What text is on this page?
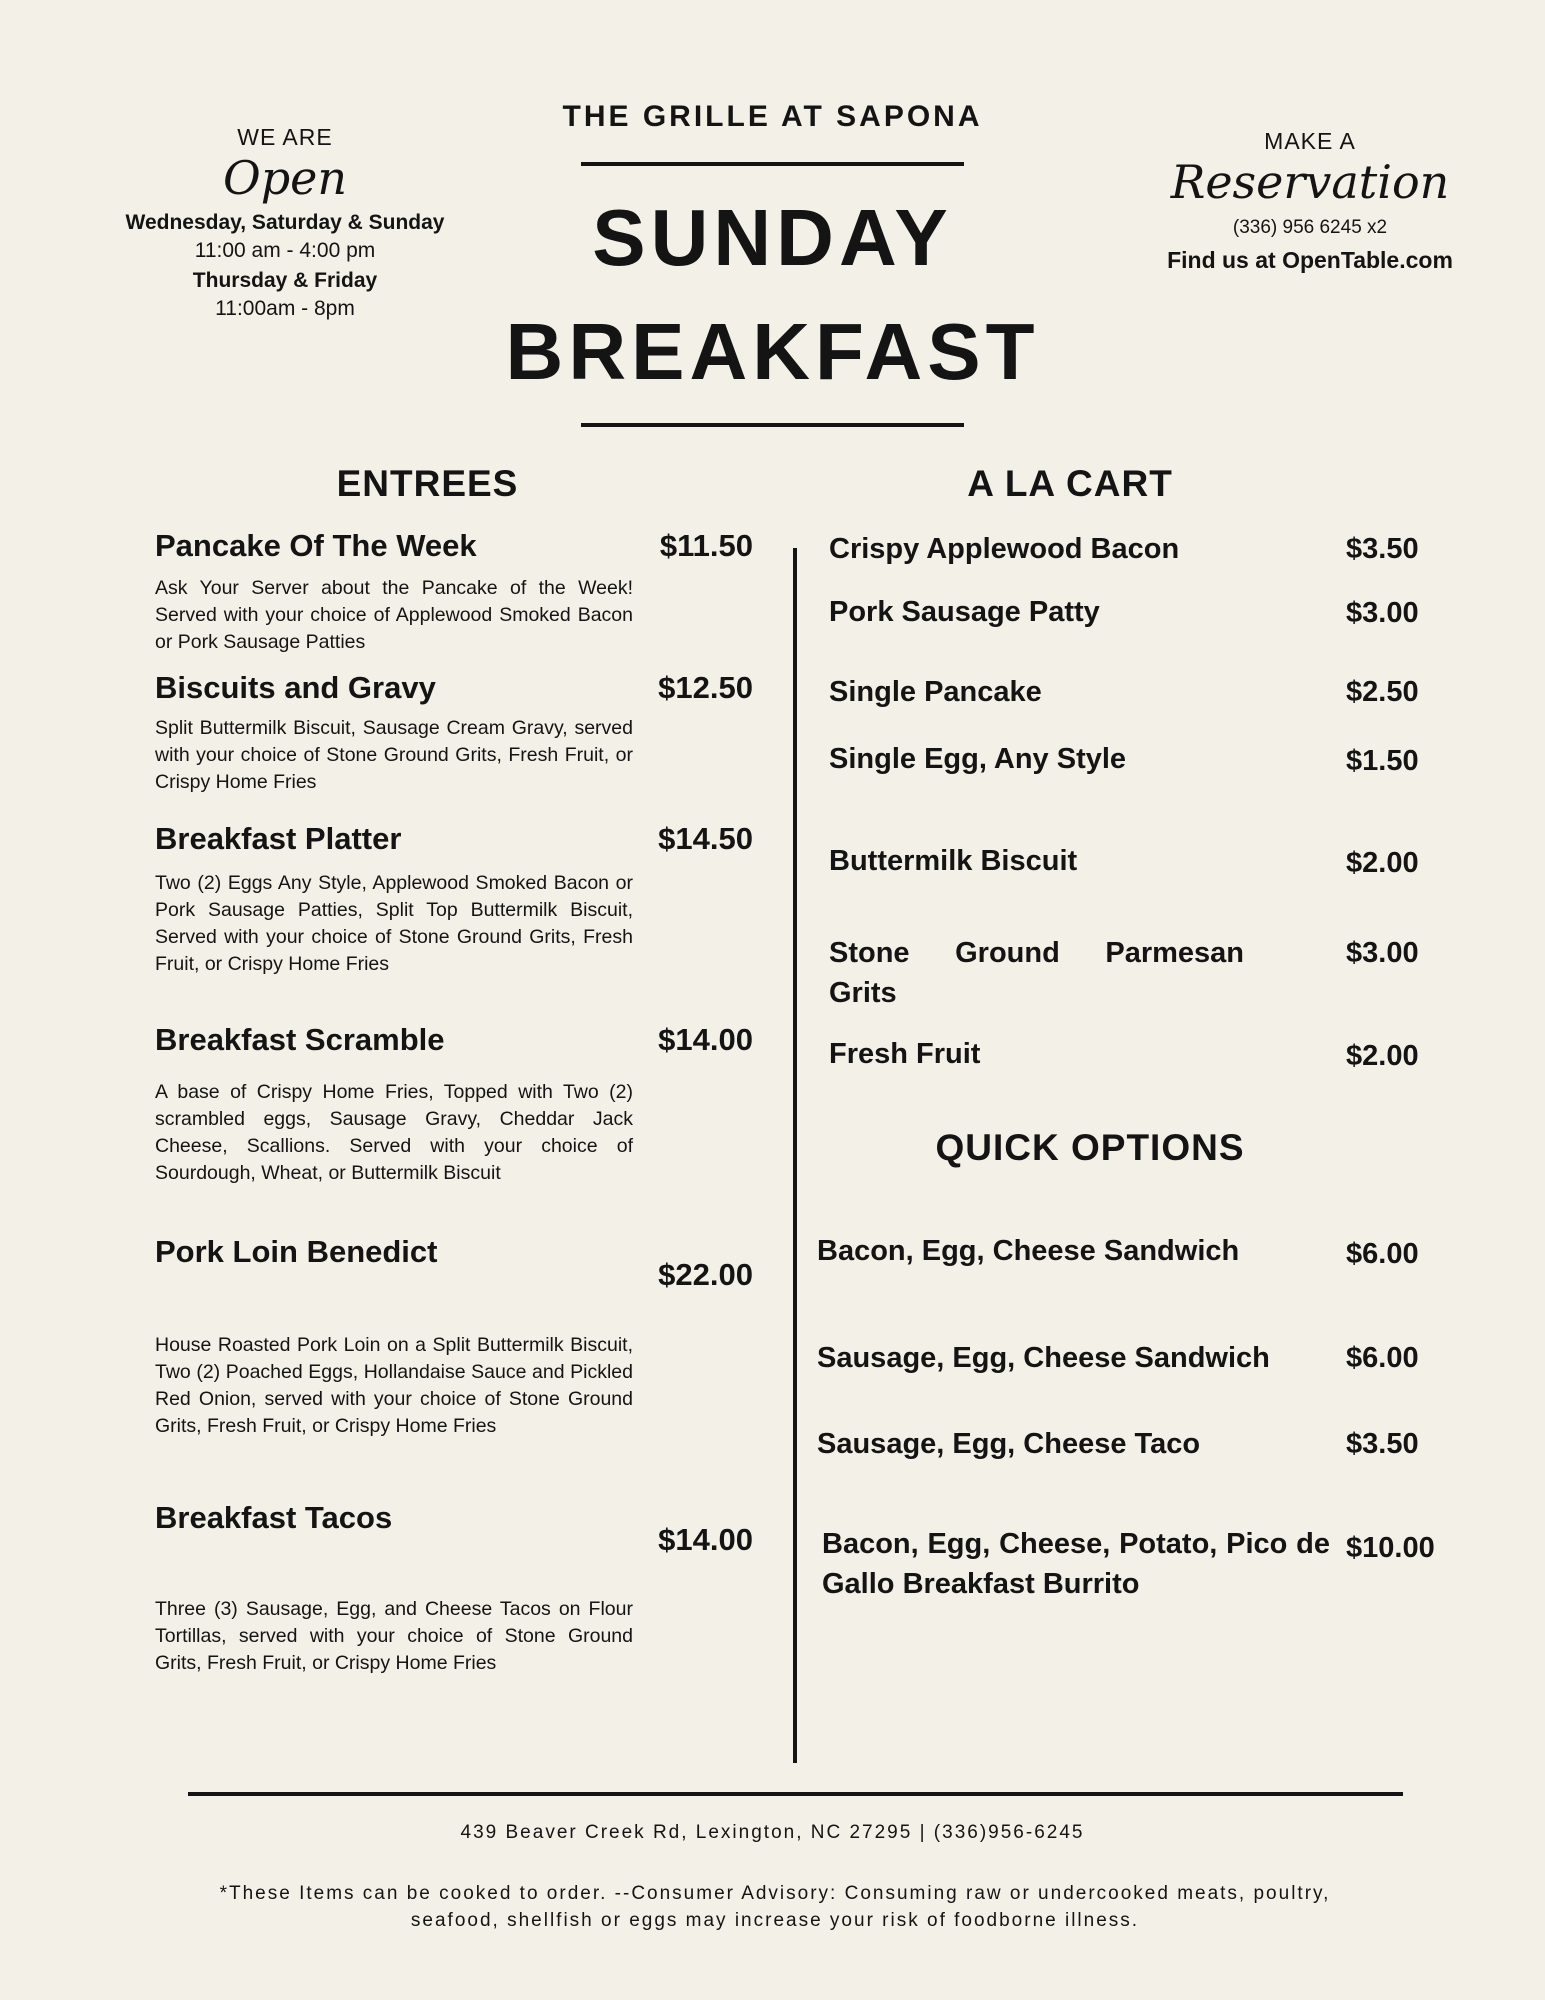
WE ARE
Open
Wednesday, Saturday & Sunday
11:00 am - 4:00 pm
Thursday & Friday
11:00am - 8pm
MAKE A
Reservation
(336) 956 6245 x2
Find us at OpenTable.com
THE GRILLE AT SAPONA
SUNDAY
BREAKFAST
ENTREES	A LA CART
Pancake Of The Week	$11.50
Ask Your Server about the Pancake of the Week! Served with your choice of Applewood Smoked Bacon or Pork Sausage Patties
Biscuits and Gravy	$12.50
Split Buttermilk Biscuit, Sausage Cream Gravy, served with your choice of Stone Ground Grits, Fresh Fruit, or Crispy Home Fries
Breakfast Platter	$14.50
Two (2) Eggs Any Style, Applewood Smoked Bacon or Pork Sausage Patties, Split Top Buttermilk Biscuit, Served with your choice of Stone Ground Grits, Fresh Fruit, or Crispy Home Fries
Breakfast Scramble	$14.00
A base of Crispy Home Fries, Topped with Two (2) scrambled eggs, Sausage Gravy, Cheddar Jack Cheese, Scallions. Served with your choice of Sourdough, Wheat, or Buttermilk Biscuit
Pork Loin Benedict
$22.00
House Roasted Pork Loin on a Split Buttermilk Biscuit, Two (2) Poached Eggs, Hollandaise Sauce and Pickled Red Onion, served with your choice of Stone Ground Grits, Fresh Fruit, or Crispy Home Fries
Breakfast Tacos
$14.00
Three (3) Sausage, Egg, and Cheese Tacos on Flour Tortillas, served with your choice of Stone Ground Grits, Fresh Fruit, or Crispy Home Fries
Crispy Applewood Bacon	$3.50
Pork Sausage Patty	$3.00
Single Pancake	$2.50
Single Egg, Any Style	$1.50
Buttermilk Biscuit	$2.00
Stone Ground Parmesan Grits
$3.00
Fresh Fruit	$2.00
QUICK OPTIONS
Bacon, Egg, Cheese Sandwich	$6.00
Sausage, Egg, Cheese Sandwich	$6.00
Sausage, Egg, Cheese Taco	$3.50
Bacon, Egg, Cheese, Potato, Pico de Gallo Breakfast Burrito
$10.00
439 Beaver Creek Rd, Lexington, NC 27295 | (336)956-6245
*These Items can be cooked to order. --Consumer Advisory: Consuming raw or undercooked meats, poultry, seafood, shellfish or eggs may increase your risk of foodborne illness.
